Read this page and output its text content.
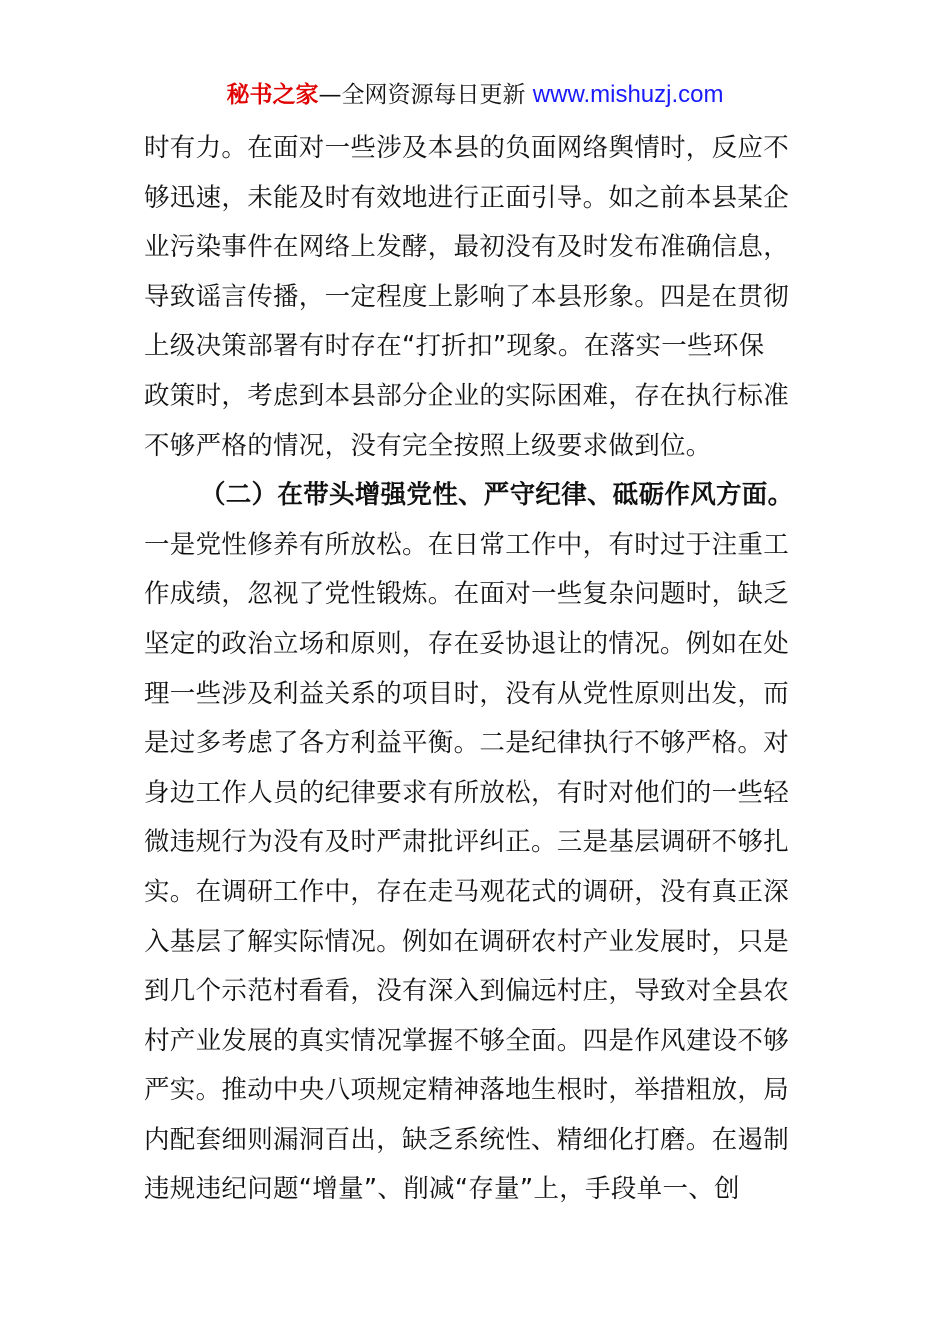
秘书之家—全网资源每日更新 www.mishuzj.com
时有力。在面对一些涉及本县的负面网络舆情时，反应不
够迅速，未能及时有效地进行正面引导。如之前本县某企
业污染事件在网络上发酵，最初没有及时发布准确信息，
导致谣言传播，一定程度上影响了本县形象。四是在贯彻
上级决策部署有时存在“打折扣”现象。在落实一些环保
政策时，考虑到本县部分企业的实际困难，存在执行标准
不够严格的情况，没有完全按照上级要求做到位。
（二）在带头增强党性、严守纪律、砥砺作风方面。
一是党性修养有所放松。在日常工作中，有时过于注重工
作成绩，忽视了党性锻炼。在面对一些复杂问题时，缺乏
坚定的政治立场和原则，存在妥协退让的情况。例如在处
理一些涉及利益关系的项目时，没有从党性原则出发，而
是过多考虑了各方利益平衡。二是纪律执行不够严格。对
身边工作人员的纪律要求有所放松，有时对他们的一些轻
微违规行为没有及时严肃批评纠正。三是基层调研不够扎
实。在调研工作中，存在走马观花式的调研，没有真正深
入基层了解实际情况。例如在调研农村产业发展时，只是
到几个示范村看看，没有深入到偏远村庄，导致对全县农
村产业发展的真实情况掌握不够全面。四是作风建设不够
严实。推动中央八项规定精神落地生根时，举措粗放，局
内配套细则漏洞百出，缺乏系统性、精细化打磨。在遏制
违规违纪问题“增量”、削减“存量”上，手段单一、创
